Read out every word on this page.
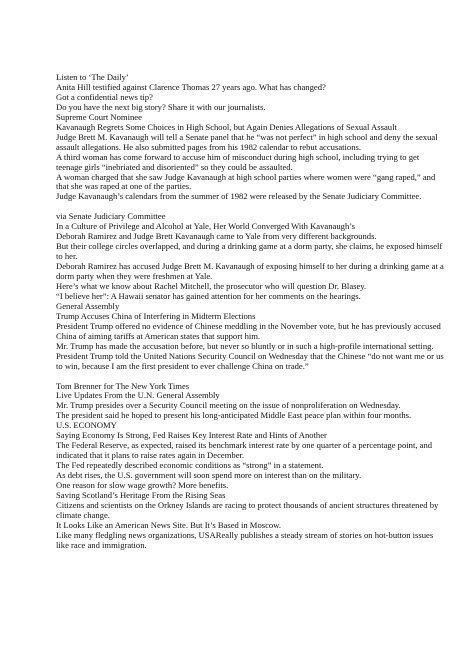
Listen to ‘The Daily’

Anita Hill testified against Clarence Thomas 27 years ago. What has changed?

Got a confidential news tip?

Do you have the next big story? Share it with our journalists.

Supreme Court Nominee

Kavanaugh Regrets Some Choices in High School, but Again Denies Allegations of Sexual Assault

Judge Brett M. Kavanaugh will tell a Senate panel that he “was not perfect” in high school and deny the sexual assault allegations. He also submitted pages from his 1982 calendar to rebut accusations.

A third woman has come forward to accuse him of misconduct during high school, including trying to get teenage girls “inebriated and disoriented” so they could be assaulted.

A woman charged that she saw Judge Kavanaugh at high school parties where women were “gang raped,” and that she was raped at one of the parties.

Judge Kavanaugh’s calendars from the summer of 1982 were released by the Senate Judiciary Committee.

via Senate Judiciary Committee

In a Culture of Privilege and Alcohol at Yale, Her World Converged With Kavanaugh’s

Deborah Ramirez and Judge Brett Kavanaugh came to Yale from very different backgrounds.

But their college circles overlapped, and during a drinking game at a dorm party, she claims, he exposed himself to her.

Deborah Ramirez has accused Judge Brett M. Kavanaugh of exposing himself to her during a drinking game at a dorm party when they were freshmen at Yale.

Here’s what we know about Rachel Mitchell, the prosecutor who will question Dr. Blasey.

“I believe her”: A Hawaii senator has gained attention for her comments on the hearings.

General Assembly

Trump Accuses China of Interfering in Midterm Elections

President Trump offered no evidence of Chinese meddling in the November vote, but he has previously accused China of aiming tariffs at American states that support him.

Mr. Trump has made the accusation before, but never so bluntly or in such a high-profile international setting.

President Trump told the United Nations Security Council on Wednesday that the Chinese “do not want me or us to win, because I am the first president to ever challenge China on trade.”

Tom Brenner for The New York Times

Live Updates From the U.N. General Assembly

Mr. Trump presides over a Security Council meeting on the issue of nonproliferation on Wednesday.

The president said he hoped to present his long-anticipated Middle East peace plan within four months.

U.S. ECONOMY

Saying Economy Is Strong, Fed Raises Key Interest Rate and Hints of Another

The Federal Reserve, as expected, raised its benchmark interest rate by one quarter of a percentage point, and indicated that it plans to raise rates again in December.

The Fed repeatedly described economic conditions as “strong” in a statement.

As debt rises, the U.S. government will soon spend more on interest than on the military.

One reason for slow wage growth? More benefits.

Saving Scotland’s Heritage From the Rising Seas

Citizens and scientists on the Orkney Islands are racing to protect thousands of ancient structures threatened by climate change.

It Looks Like an American News Site. But It’s Based in Moscow.

Like many fledgling news organizations, USAReally publishes a steady stream of stories on hot-button issues like race and immigration.
